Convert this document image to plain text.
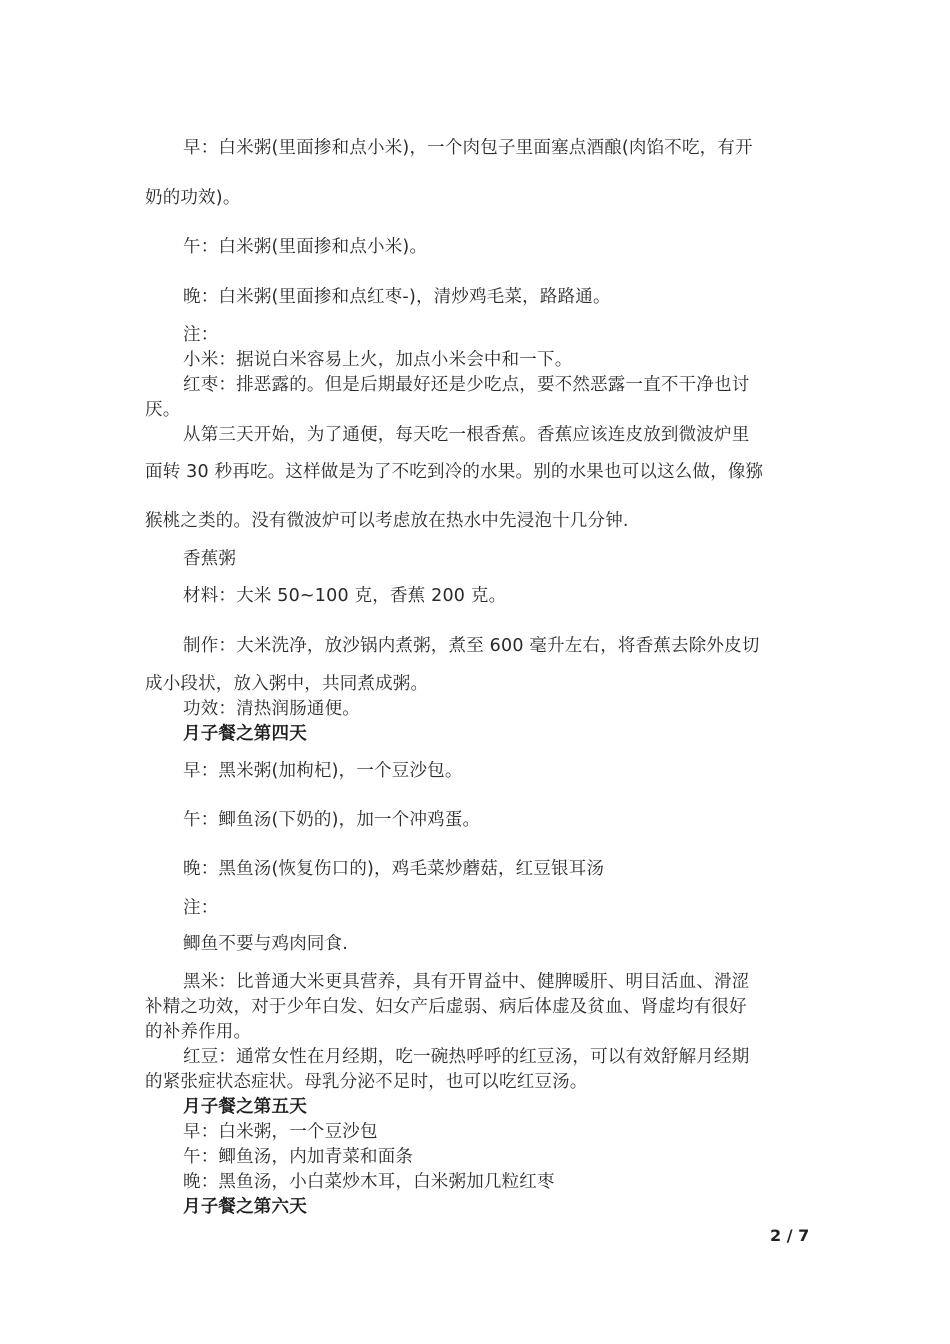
早：白米粥(里面掺和点小米)，一个肉包子里面塞点酒酿(肉馅不吃，有开
奶的功效)。
午：白米粥(里面掺和点小米)。
晚：白米粥(里面掺和点红枣-)，清炒鸡毛菜，路路通。
注：
小米：据说白米容易上火，加点小米会中和一下。
红枣：排恶露的。但是后期最好还是少吃点，要不然恶露一直不干净也讨
厌。
从第三天开始，为了通便，每天吃一根香蕉。香蕉应该连皮放到微波炉里
面转 30 秒再吃。这样做是为了不吃到冷的水果。别的水果也可以这么做，像猕
猴桃之类的。没有微波炉可以考虑放在热水中先浸泡十几分钟.
香蕉粥
材料：大米 50~100 克，香蕉 200 克。
制作：大米洗净，放沙锅内煮粥，煮至 600 毫升左右，将香蕉去除外皮切
成小段状，放入粥中，共同煮成粥。
功效：清热润肠通便。
月子餐之第四天
早：黑米粥(加枸杞)，一个豆沙包。
午：鲫鱼汤(下奶的)，加一个冲鸡蛋。
晚：黑鱼汤(恢复伤口的)，鸡毛菜炒蘑菇，红豆银耳汤
注：
鲫鱼不要与鸡肉同食.
黑米：比普通大米更具营养，具有开胃益中、健脾暖肝、明目活血、滑涩
补精之功效，对于少年白发、妇女产后虚弱、病后体虚及贫血、肾虚均有很好
的补养作用。
红豆：通常女性在月经期，吃一碗热呼呼的红豆汤，可以有效舒解月经期
的紧张症状态症状。母乳分泌不足时，也可以吃红豆汤。
月子餐之第五天
早：白米粥，一个豆沙包
午：鲫鱼汤，内加青菜和面条
晚：黑鱼汤，小白菜炒木耳，白米粥加几粒红枣
月子餐之第六天
2 / 7
